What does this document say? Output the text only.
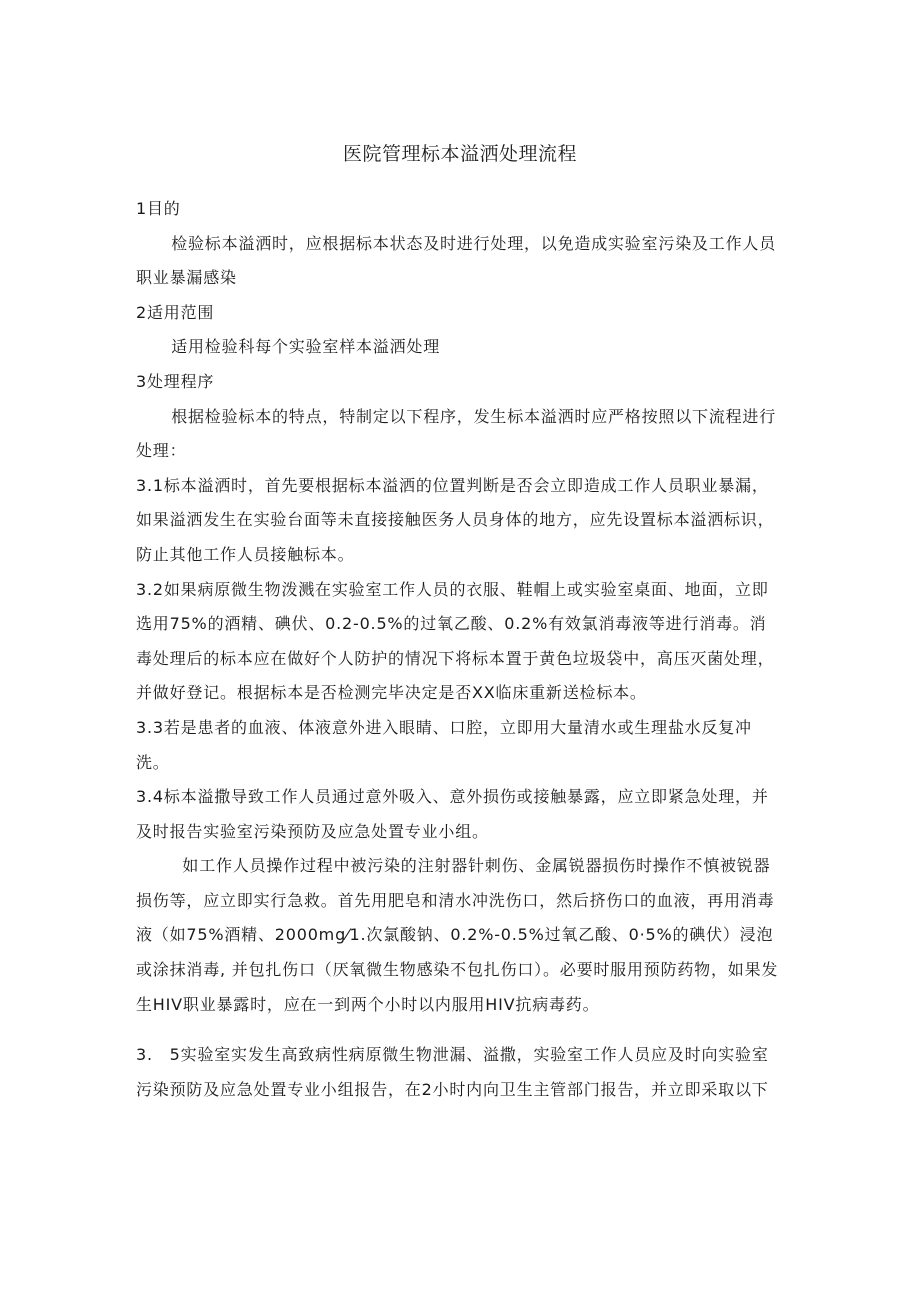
医院管理标本溢洒处理流程

1目的

检验标本溢洒时，应根据标本状态及时进行处理，以免造成实验室污染及工作人员职业暴漏感染

2适用范围

适用检验科每个实验室样本溢洒处理

3处理程序

根据检验标本的特点，特制定以下程序，发生标本溢洒时应严格按照以下流程进行处理：

3.1标本溢洒时，首先要根据标本溢洒的位置判断是否会立即造成工作人员职业暴漏，如果溢洒发生在实验台面等未直接接触医务人员身体的地方，应先设置标本溢洒标识，防止其他工作人员接触标本。

3.2如果病原微生物泼溅在实验室工作人员的衣服、鞋帽上或实验室桌面、地面，立即选用75%的酒精、碘伏、0.2-0.5%的过氧乙酸、0.2%有效氯消毒液等进行消毒。消毒处理后的标本应在做好个人防护的情况下将标本置于黄色垃圾袋中，高压灭菌处理，并做好登记。根据标本是否检测完毕决定是否XX临床重新送检标本。

3.3若是患者的血液、体液意外进入眼睛、口腔，立即用大量清水或生理盐水反复冲洗。

3.4标本溢撒导致工作人员通过意外吸入、意外损伤或接触暴露，应立即紧急处理，并及时报告实验室污染预防及应急处置专业小组。

如工作人员操作过程中被污染的注射器针刺伤、金属锐器损伤时操作不慎被锐器损伤等，应立即实行急救。首先用肥皂和清水冲洗伤口，然后挤伤口的血液，再用消毒液（如75%酒精、2000mg⁄1.次氯酸钠、0.2%-0.5%过氧乙酸、0·5%的碘伏）浸泡或涂抹消毒, 并包扎伤口（厌氧微生物感染不包扎伤口）。必要时服用预防药物，如果发生HIV职业暴露时，应在一到两个小时以内服用HIV抗病毒药。

3.　5实验室实发生高致病性病原微生物泄漏、溢撒，实验室工作人员应及时向实验室污染预防及应急处置专业小组报告，在2小时内向卫生主管部门报告，并立即采取以下
